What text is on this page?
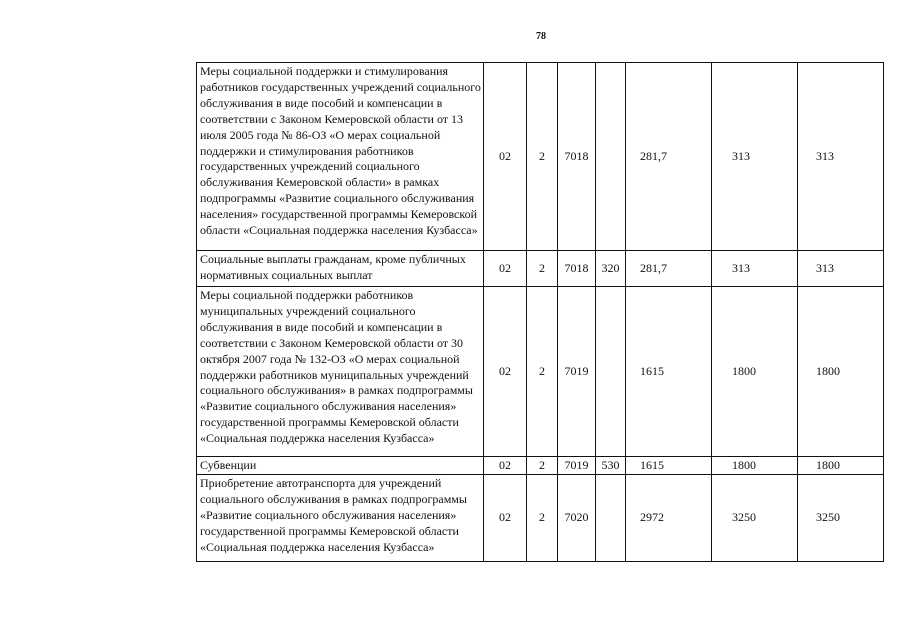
78
Меры социальной поддержки и стимулирования работников государственных учреждений социального обслуживания в виде пособий и компенсации в соответствии с Законом Кемеровской области от 13 июля 2005 года № 86-ОЗ «О мерах социальной поддержки и стимулирования работников государственных учреждений социального обслуживания Кемеровской области» в рамках подпрограммы «Развитие социального обслуживания населения» государственной программы Кемеровской области «Социальная поддержка населения Кузбасса»	02	2	7018		281,7	313	313
Социальные выплаты гражданам, кроме публичных нормативных социальных выплат	02	2	7018	320	281,7	313	313
Меры социальной поддержки работников муниципальных учреждений социального обслуживания в виде пособий и компенсации в соответствии с Законом Кемеровской области от 30 октября 2007 года № 132-ОЗ «О мерах социальной поддержки работников муниципальных учреждений социального обслуживания» в рамках подпрограммы «Развитие социального обслуживания населения» государственной программы Кемеровской области «Социальная поддержка населения Кузбасса»	02	2	7019		1615	1800	1800
Субвенции	02	2	7019	530	1615	1800	1800
Приобретение автотранспорта для учреждений социального обслуживания в рамках подпрограммы «Развитие социального обслуживания населения» государственной программы Кемеровской области «Социальная поддержка населения Кузбасса»	02	2	7020		2972	3250	3250
